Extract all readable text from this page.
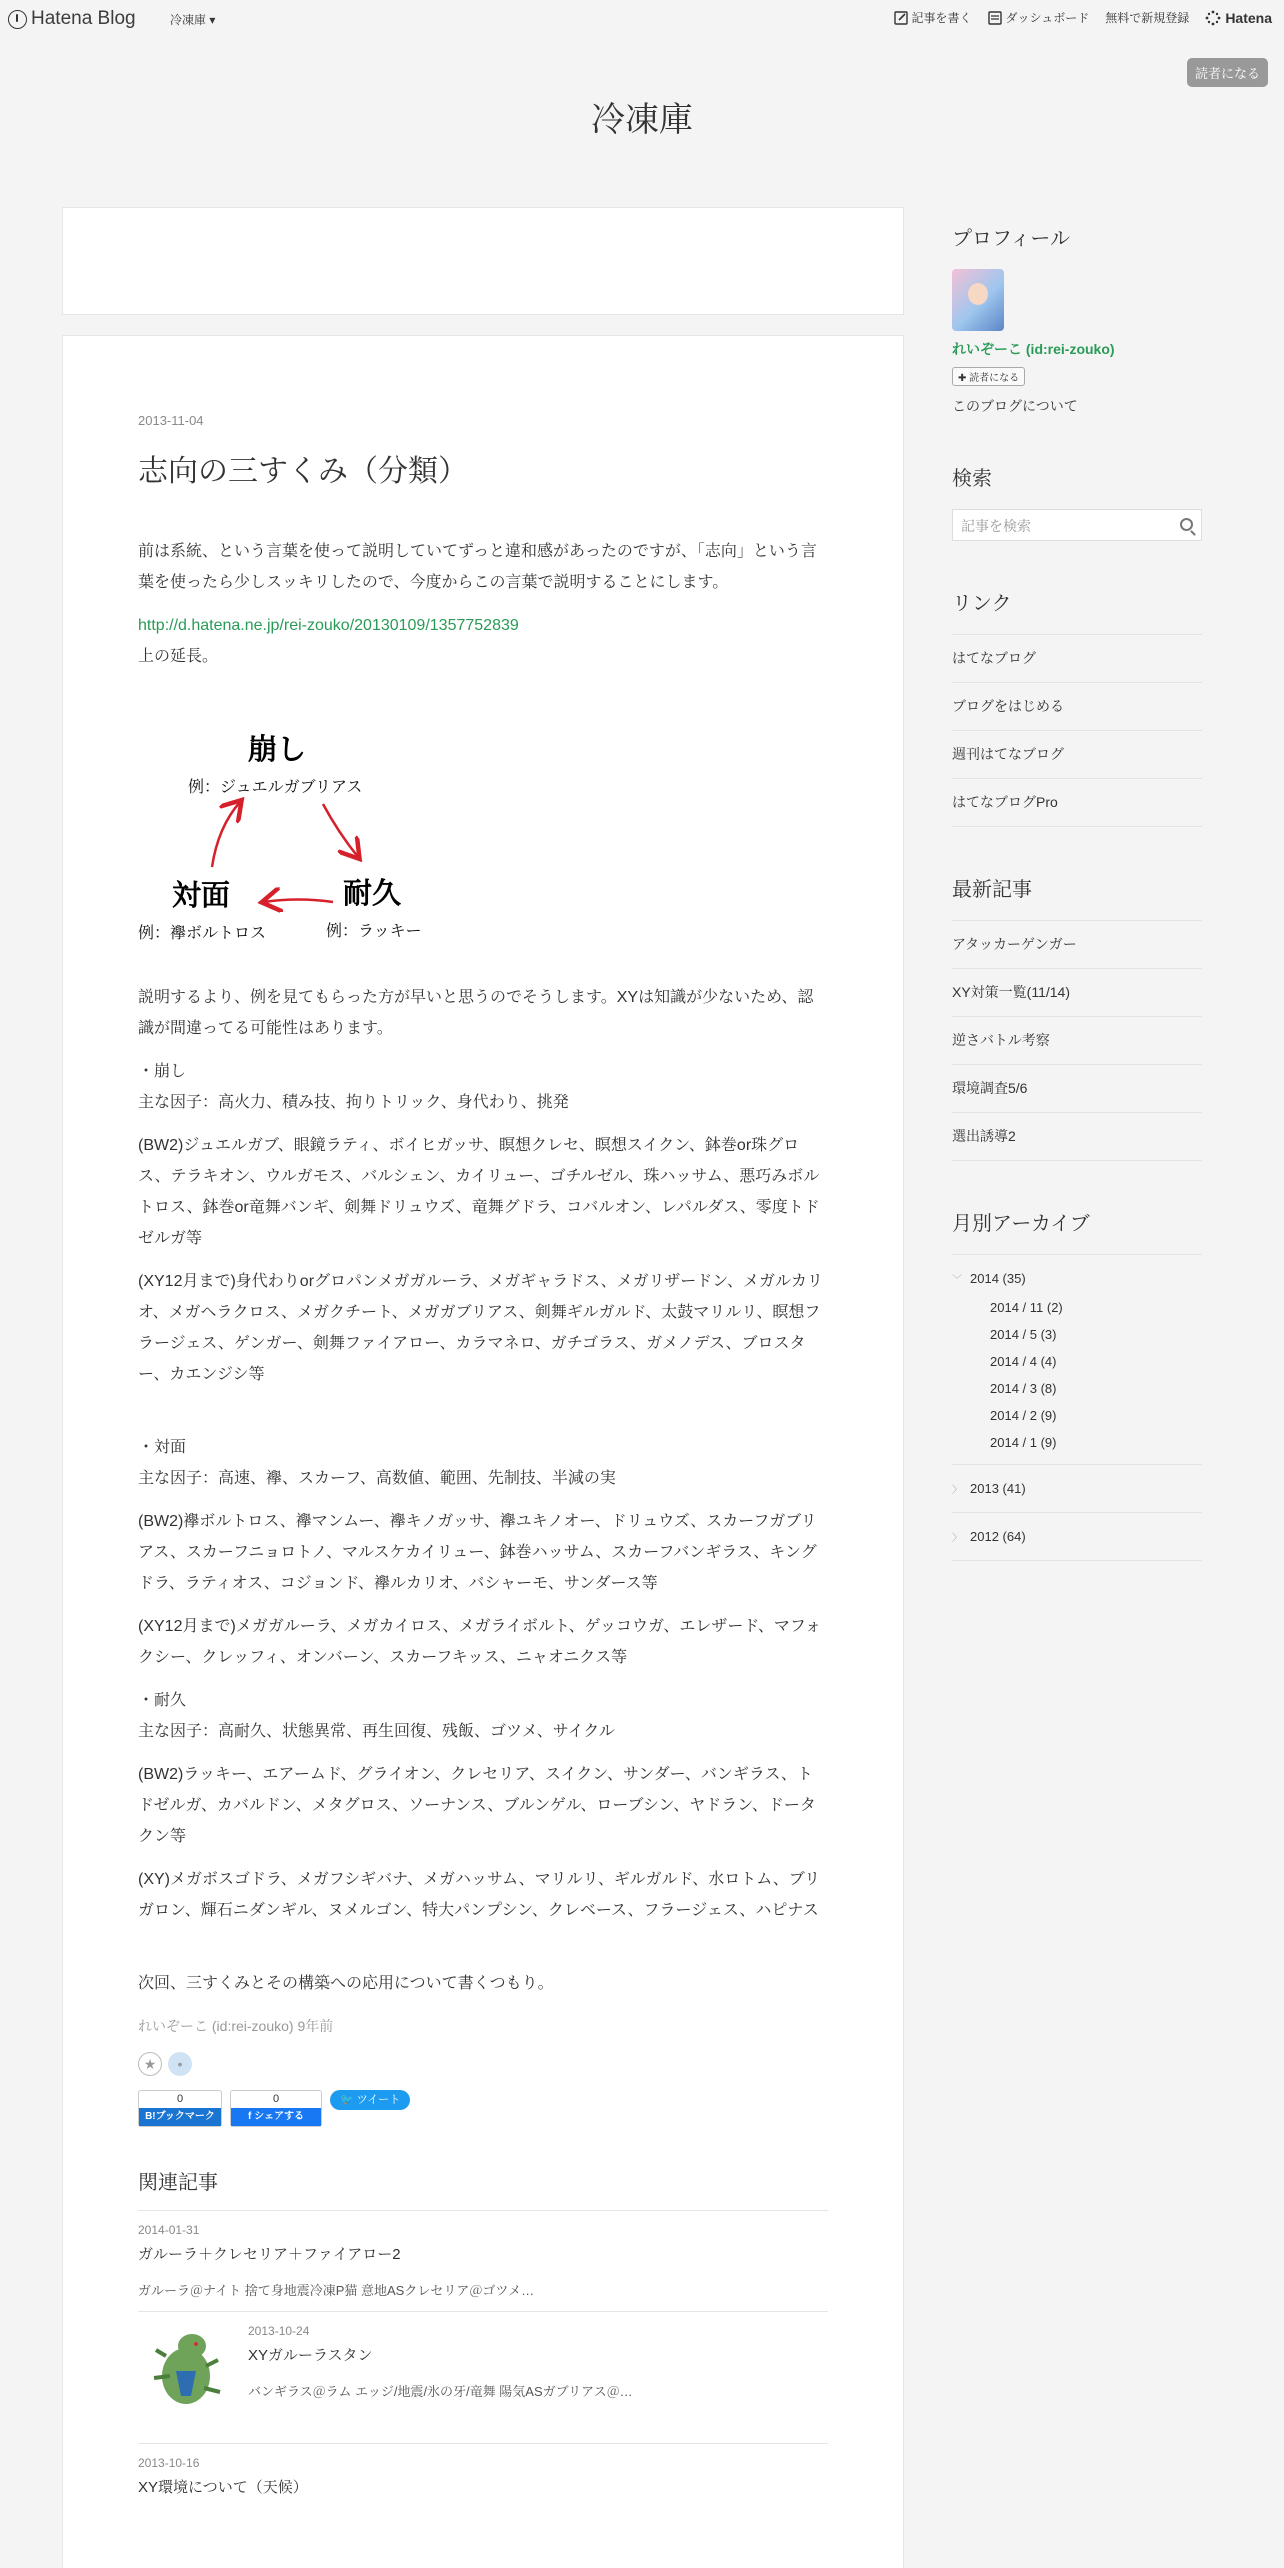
Hatena Blog	冷凍庫 ▾	記事を書く	ダッシュボード 無料で新規登録	Hatena
読者になる
冷凍庫
2013-11-04
志向の三すくみ（分類）

前は系統、という言葉を使って説明していてずっと違和感があったのですが、「志向」という言葉を使ったら少しスッキリしたので、今度からこの言葉で説明することにします。

http://d.hatena.ne.jp/rei-zouko/20130109/1357752839

上の延長。

崩し
例：ジュエルガブリアス
対面
例：襷ボルトロス
耐久
例：ラッキー

説明するより、例を見てもらった方が早いと思うのでそうします。XYは知識が少ないため、認識が間違ってる可能性はあります。

・崩し

主な因子：高火力、積み技、拘りトリック、身代わり、挑発

(BW2)ジュエルガブ、眼鏡ラティ、ボイヒガッサ、瞑想クレセ、瞑想スイクン、鉢巻or珠グロス、テラキオン、ウルガモス、バルシェン、カイリュー、ゴチルゼル、珠ハッサム、悪巧みボルトロス、鉢巻or竜舞バンギ、剣舞ドリュウズ、竜舞グドラ、コバルオン、レパルダス、零度トドゼルガ等

(XY12月まで)身代わりorグロパンメガガルーラ、メガギャラドス、メガリザードン、メガルカリオ、メガヘラクロス、メガクチート、メガガブリアス、剣舞ギルガルド、太鼓マリルリ、瞑想フラージェス、ゲンガー、剣舞ファイアロー、カラマネロ、ガチゴラス、ガメノデス、ブロスター、カエンジシ等

・対面

主な因子：高速、襷、スカーフ、高数値、範囲、先制技、半減の実

(BW2)襷ボルトロス、襷マンムー、襷キノガッサ、襷ユキノオー、ドリュウズ、スカーフガブリアス、スカーフニョロトノ、マルスケカイリュー、鉢巻ハッサム、スカーフバンギラス、キングドラ、ラティオス、コジョンド、襷ルカリオ、バシャーモ、サンダース等

(XY12月まで)メガガルーラ、メガカイロス、メガライボルト、ゲッコウガ、エレザード、マフォクシー、クレッフィ、オンバーン、スカーフキッス、ニャオニクス等

・耐久

主な因子：高耐久、状態異常、再生回復、残飯、ゴツメ、サイクル

(BW2)ラッキー、エアームド、グライオン、クレセリア、スイクン、サンダー、バンギラス、トドゼルガ、カバルドン、メタグロス、ソーナンス、ブルンゲル、ローブシン、ヤドラン、ドータクン等

(XY)メガボスゴドラ、メガフシギバナ、メガハッサム、マリルリ、ギルガルド、水ロトム、ブリガロン、輝石ニダンギル、ヌメルゴン、特大パンプシン、クレベース、フラージェス、ハピナス

次回、三すくみとその構築への応用について書くつもり。

れいぞーこ (id:rei-zouko) 9年前
★	•
0
B!ブックマーク
0
f シェアする
🐦 ツイート
関連記事
2014-01-31
ガルーラ＋クレセリア＋ファイアロー2
ガルーラ＠ナイト 捨て身地震冷凍P猫 意地ASクレセリア＠ゴツメ…
2013-10-24
XYガルーラスタン
バンギラス＠ラム エッジ/地震/氷の牙/竜舞 陽気ASガブリアス＠…
2013-10-16
XY環境について（天候）
プロフィール
れいぞーこ (id:rei-zouko)
✚ 読者になる
このブログについて
検索
記事を検索
リンク
はてなブログ
ブログをはじめる
週刊はてなブログ
はてなブログPro
最新記事
アタッカーゲンガー
XY対策一覧(11/14)
逆さバトル考察
環境調査5/6
選出誘導2
月別アーカイブ
﹀ 2014 (35)
2014 / 11 (2)
2014 / 5 (3)
2014 / 4 (4)
2014 / 3 (8)
2014 / 2 (9)
2014 / 1 (9)
〉 2013 (41)
〉 2012 (64)
